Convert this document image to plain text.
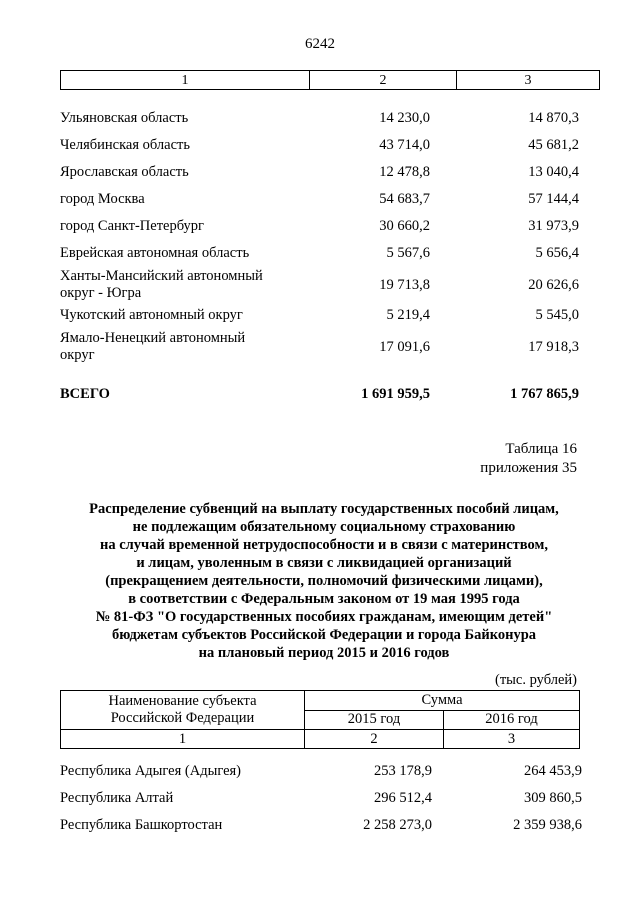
6242
1	2	3
Ульяновская область	14 230,0	14 870,3
Челябинская область	43 714,0	45 681,2
Ярославская область	12 478,8	13 040,4
город Москва	54 683,7	57 144,4
город Санкт-Петербург	30 660,2	31 973,9
Еврейская автономная область	5 567,6	5 656,4
Ханты-Мансийский автономный
округ - Югра	19 713,8	20 626,6
Чукотский автономный округ	5 219,4	5 545,0
Ямало-Ненецкий автономный
округ	17 091,6	17 918,3
ВСЕГО	1 691 959,5	1 767 865,9
Таблица 16
приложения 35
Распределение субвенций на выплату государственных пособий лицам,
не подлежащим обязательному социальному страхованию
на случай временной нетрудоспособности и в связи с материнством,
и лицам, уволенным в связи с ликвидацией организаций
(прекращением деятельности, полномочий физическими лицами),
в соответствии с Федеральным законом от 19 мая 1995 года
№ 81-ФЗ "О государственных пособиях гражданам, имеющим детей"
бюджетам субъектов Российской Федерации и города Байконура
на плановый период 2015 и 2016 годов
(тыс. рублей)
Наименование субъекта
Российской Федерации	Сумма	
	2015 год	2016 год
1	2	3
Республика Адыгея (Адыгея)	253 178,9	264 453,9
Республика Алтай	296 512,4	309 860,5
Республика Башкортостан	2 258 273,0	2 359 938,6
